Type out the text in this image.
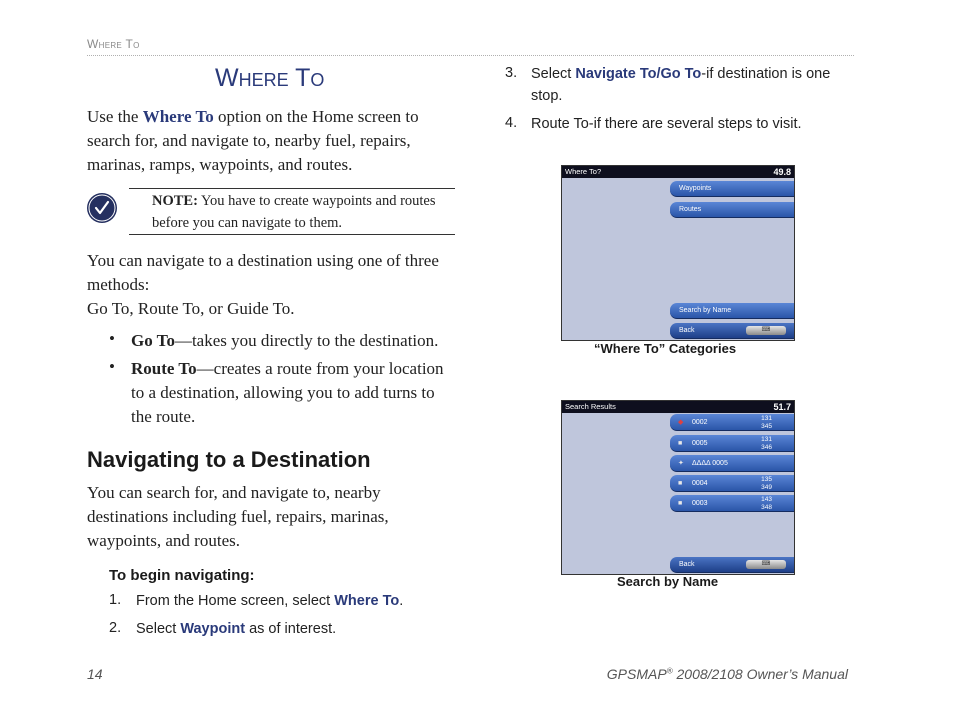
Where To
Where To
Use the Where To option on the Home screen to search for, and navigate to, nearby fuel, repairs, marinas, ramps, waypoints, and routes.
NOTE: You have to create waypoints and routes before you can navigate to them.
You can navigate to a destination using one of three methods:
Go To, Route To, or Guide To.
• Go To—takes you directly to the destination.
• Route To—creates a route from your location to a destination, allowing you to add turns to the route.
Navigating to a Destination
You can search for, and navigate to, nearby destinations including fuel, repairs, marinas, waypoints, and routes.
To begin navigating:
1. From the Home screen, select Where To.
2. Select Waypoint as of interest.
3. Select Navigate To/Go To-if destination is one stop.
4. Route To-if there are several steps to visit.
Where To?	49.8
Waypoints
Routes
Search by Name
Back	⌨
“Where To” Categories
Search Results	51.7
◆ 0002
131
345
■ 0005
131
346
✦ ΔΔΔΔ 0005
■ 0004
135
349
■ 0003
143
348
Back	⌨
Search by Name
14	GPSMAP® 2008/2108 Owner’s Manual
